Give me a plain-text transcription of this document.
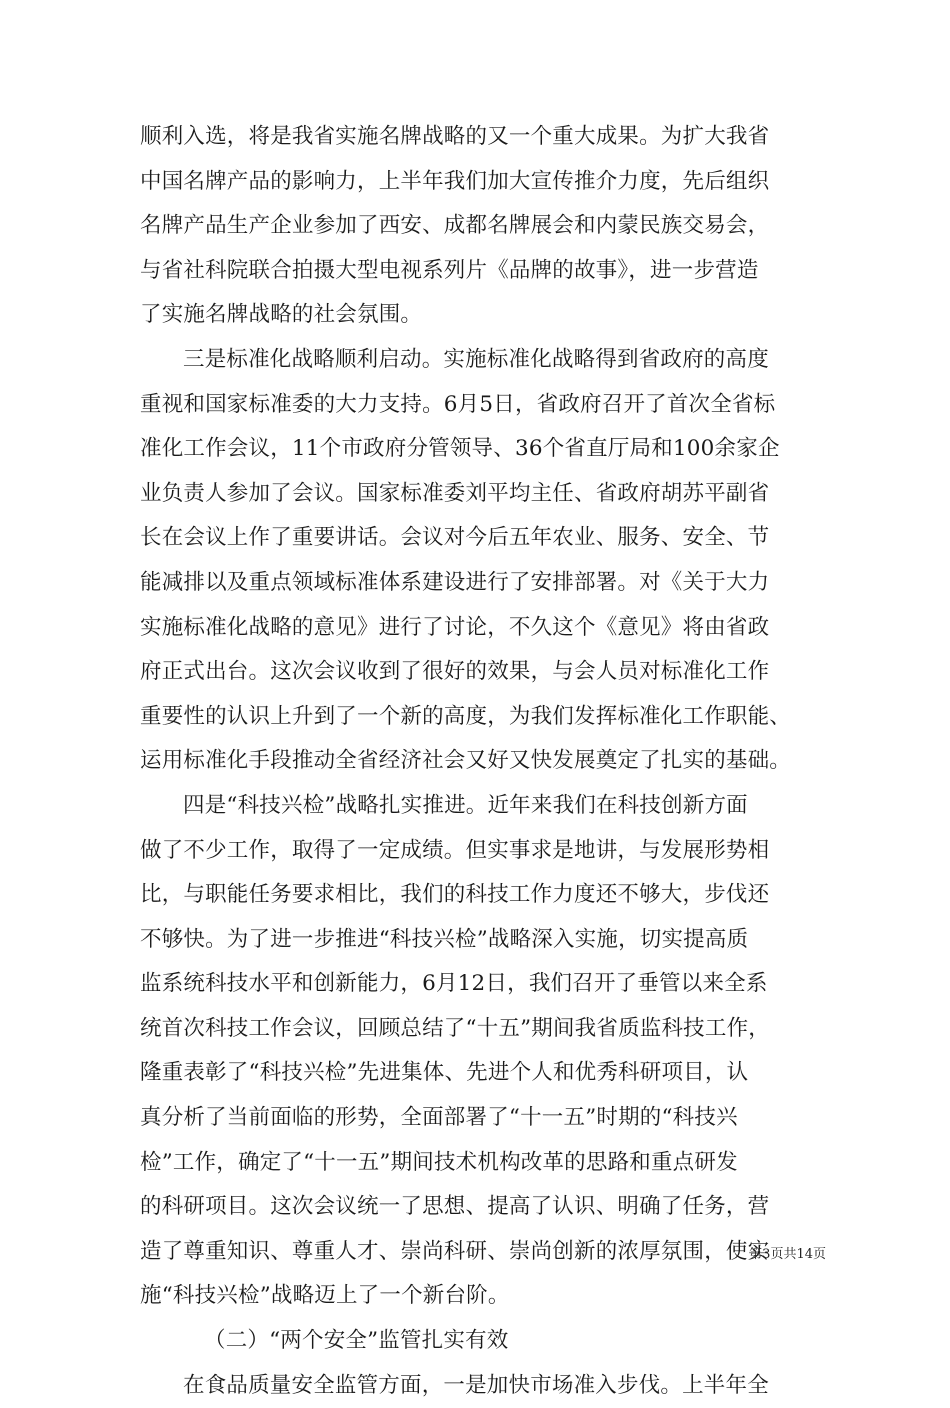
顺利入选，将是我省实施名牌战略的又一个重大成果。为扩大我省
中国名牌产品的影响力，上半年我们加大宣传推介力度，先后组织
名牌产品生产企业参加了西安、成都名牌展会和内蒙民族交易会，
与省社科院联合拍摄大型电视系列片《品牌的故事》，进一步营造
了实施名牌战略的社会氛围。
三是标准化战略顺利启动。实施标准化战略得到省政府的高度
重视和国家标准委的大力支持。6月5日，省政府召开了首次全省标
准化工作会议，11个市政府分管领导、36个省直厅局和100余家企
业负责人参加了会议。国家标准委刘平均主任、省政府胡苏平副省
长在会议上作了重要讲话。会议对今后五年农业、服务、安全、节
能减排以及重点领域标准体系建设进行了安排部署。对《关于大力
实施标准化战略的意见》进行了讨论，不久这个《意见》将由省政
府正式出台。这次会议收到了很好的效果，与会人员对标准化工作
重要性的认识上升到了一个新的高度，为我们发挥标准化工作职能、
运用标准化手段推动全省经济社会又好又快发展奠定了扎实的基础。
四是“科技兴检”战略扎实推进。近年来我们在科技创新方面
做了不少工作，取得了一定成绩。但实事求是地讲，与发展形势相
比，与职能任务要求相比，我们的科技工作力度还不够大，步伐还
不够快。为了进一步推进“科技兴检”战略深入实施，切实提高质
监系统科技水平和创新能力，6月12日，我们召开了垂管以来全系
统首次科技工作会议，回顾总结了“十五”期间我省质监科技工作，
隆重表彰了“科技兴检”先进集体、先进个人和优秀科研项目，认
真分析了当前面临的形势，全面部署了“十一五”时期的“科技兴
检”工作，确定了“十一五”期间技术机构改革的思路和重点研发
的科研项目。这次会议统一了思想、提高了认识、明确了任务，营
造了尊重知识、尊重人才、崇尚科研、崇尚创新的浓厚氛围，使实
施“科技兴检”战略迈上了一个新台阶。
（二）“两个安全”监管扎实有效
在食品质量安全监管方面，一是加快市场准入步伐。上半年全
第3页共14页
